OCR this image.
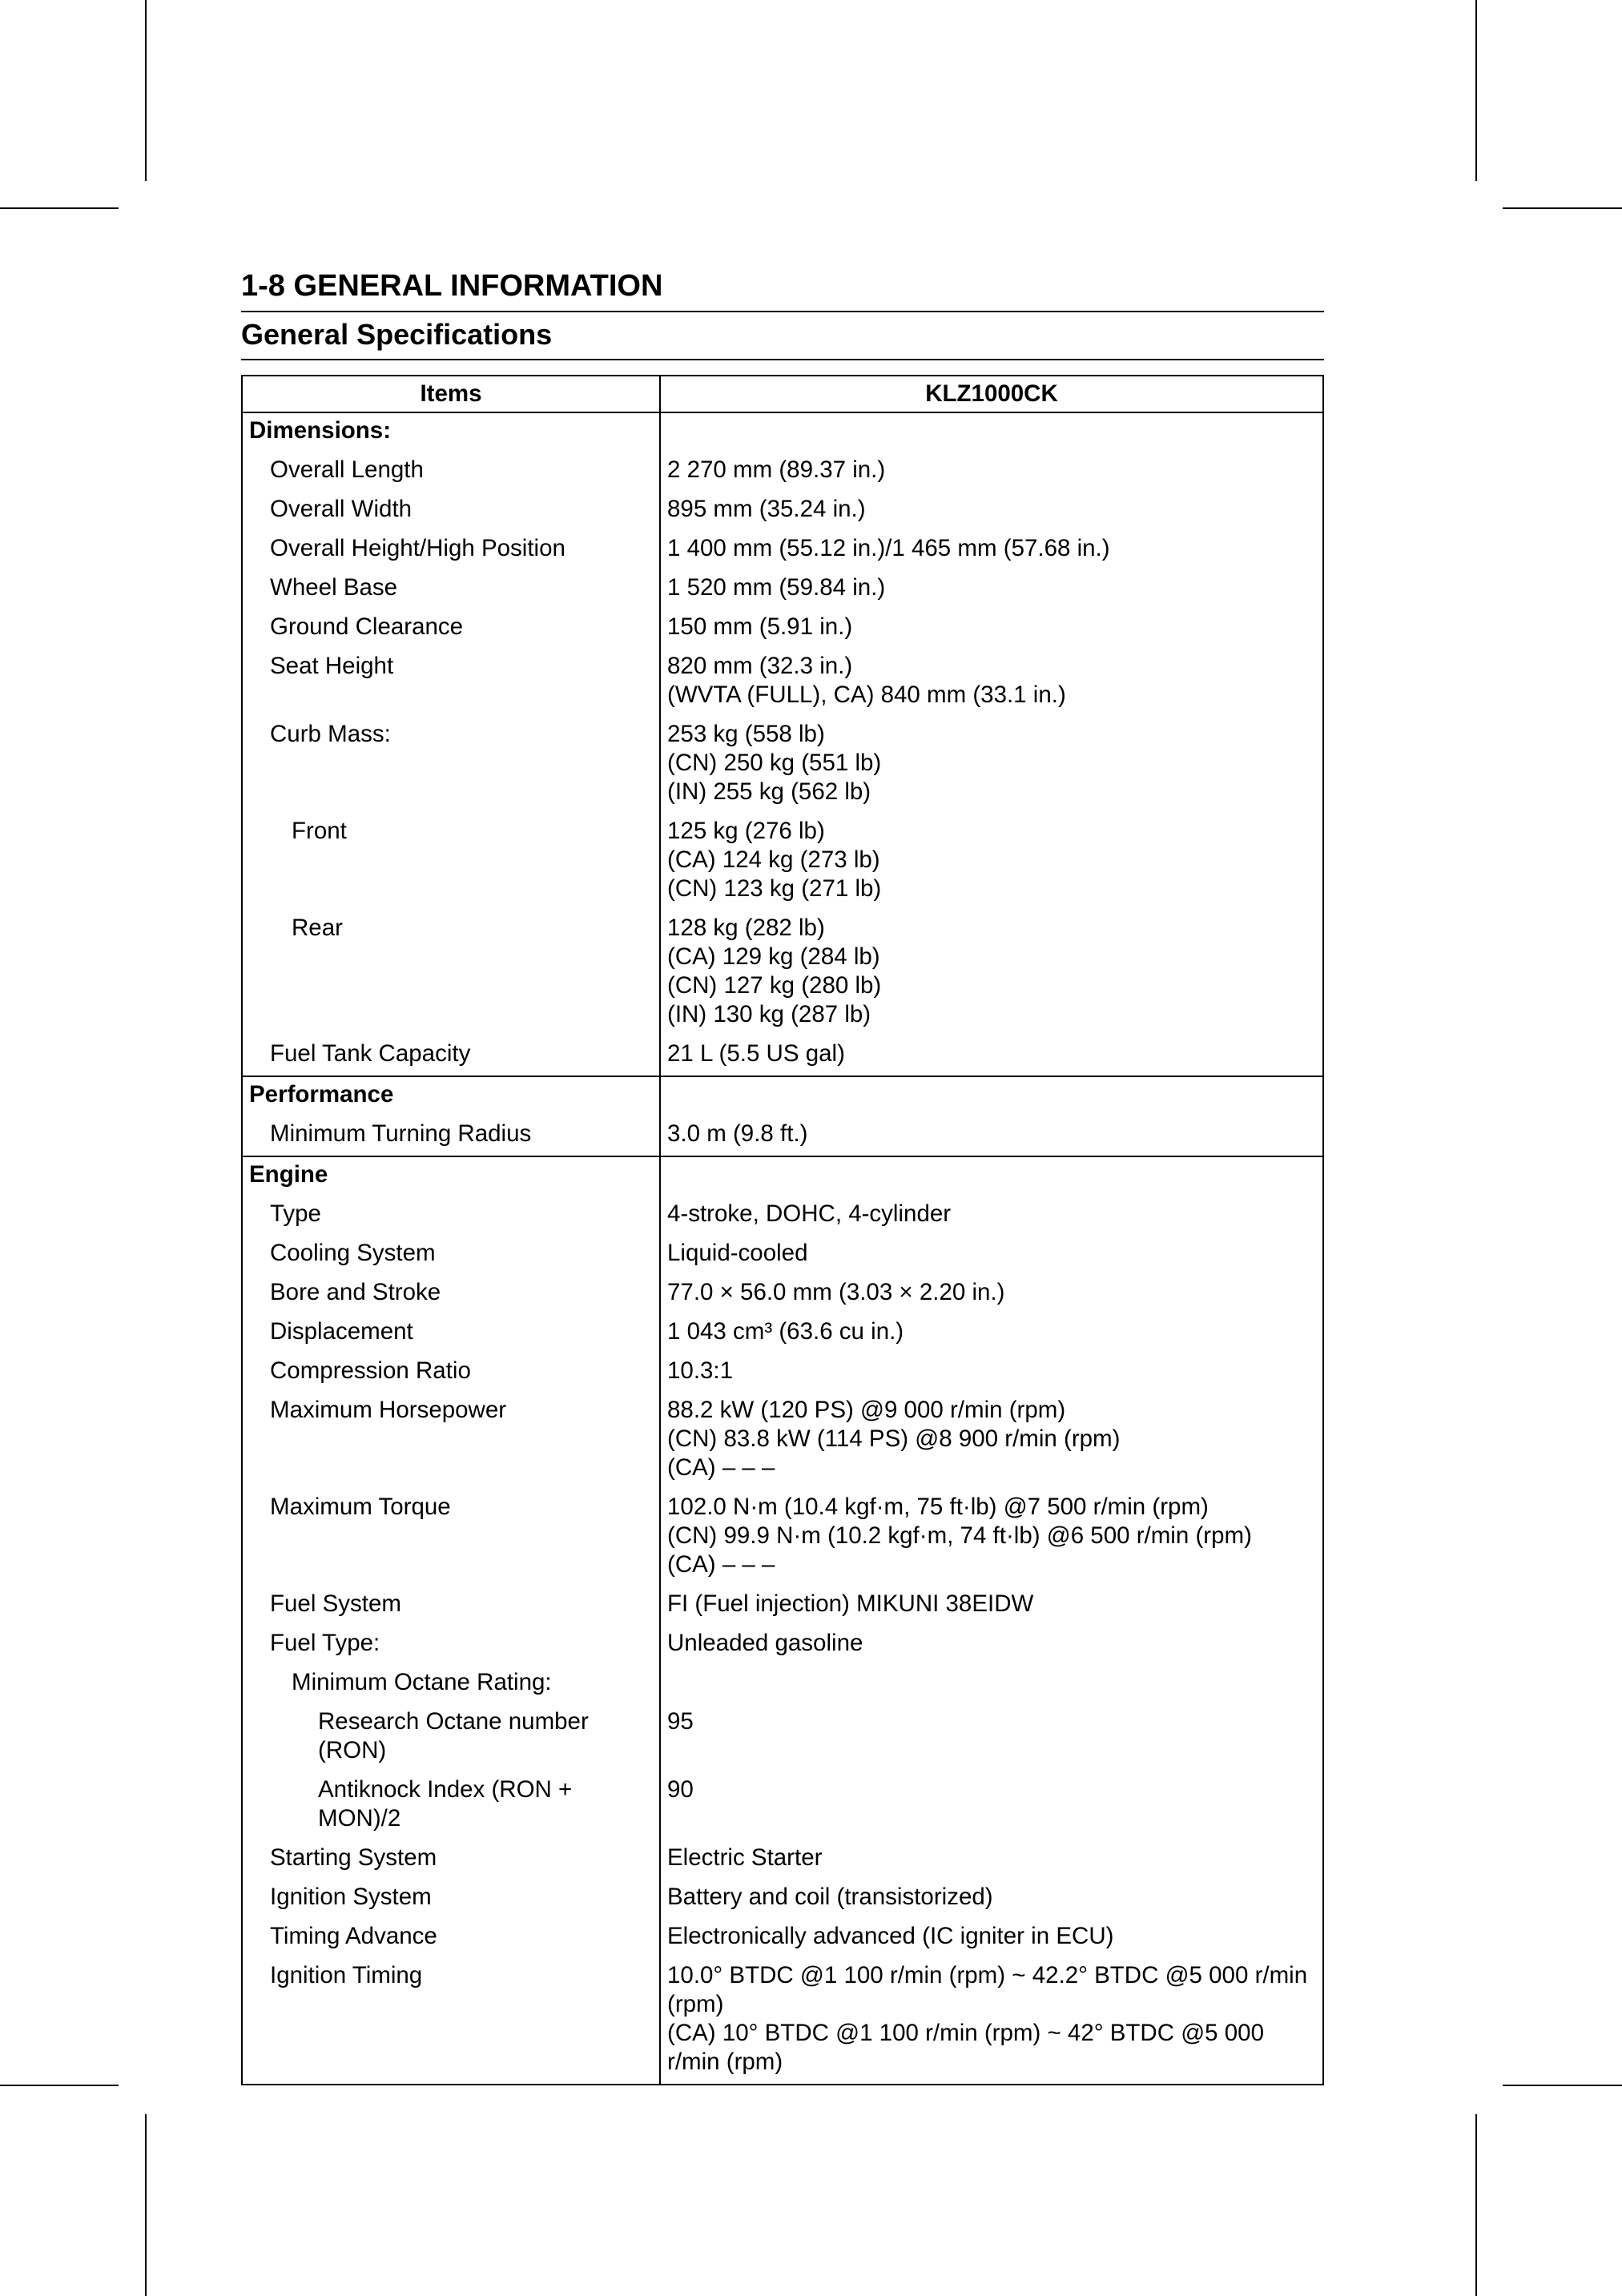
1-8 GENERAL INFORMATION
General Specifications
Items	KLZ1000CK
Dimensions:	
Overall Length	2 270 mm (89.37 in.)

Overall Width	895 mm (35.24 in.)

Overall Height/High Position	1 400 mm (55.12 in.)/1 465 mm (57.68 in.)

Wheel Base	1 520 mm (59.84 in.)

Ground Clearance	150 mm (5.91 in.)

Seat Height	820 mm (32.3 in.)
(WVTA (FULL), CA) 840 mm (33.1 in.)

Curb Mass:	253 kg (558 lb)
(CN) 250 kg (551 lb)
(IN) 255 kg (562 lb)

Front	125 kg (276 lb)
(CA) 124 kg (273 lb)
(CN) 123 kg (271 lb)

Rear	128 kg (282 lb)
(CA) 129 kg (284 lb)
(CN) 127 kg (280 lb)
(IN) 130 kg (287 lb)

Fuel Tank Capacity	21 L (5.5 US gal)

Performance	
Minimum Turning Radius	3.0 m (9.8 ft.)

Engine	
Type	4-stroke, DOHC, 4-cylinder

Cooling System	Liquid-cooled

Bore and Stroke	77.0 × 56.0 mm (3.03 × 2.20 in.)

Displacement	1 043 cm³ (63.6 cu in.)

Compression Ratio	10.3:1

Maximum Horsepower	88.2 kW (120 PS) @9 000 r/min (rpm)
(CN) 83.8 kW (114 PS) @8 900 r/min (rpm)
(CA) – – –

Maximum Torque	102.0 N·m (10.4 kgf·m, 75 ft·lb) @7 500 r/min (rpm)
(CN) 99.9 N·m (10.2 kgf·m, 74 ft·lb) @6 500 r/min (rpm)
(CA) – – –

Fuel System	FI (Fuel injection) MIKUNI 38EIDW

Fuel Type:	Unleaded gasoline

Minimum Octane Rating:	
Research Octane number (RON)	95

Antiknock Index (RON + MON)/2	90

Starting System	Electric Starter

Ignition System	Battery and coil (transistorized)

Timing Advance	Electronically advanced (IC igniter in ECU)

Ignition Timing	10.0° BTDC @1 100 r/min (rpm) ~ 42.2° BTDC @5 000 r/min (rpm)
(CA) 10° BTDC @1 100 r/min (rpm) ~ 42° BTDC @5 000 r/min (rpm)
